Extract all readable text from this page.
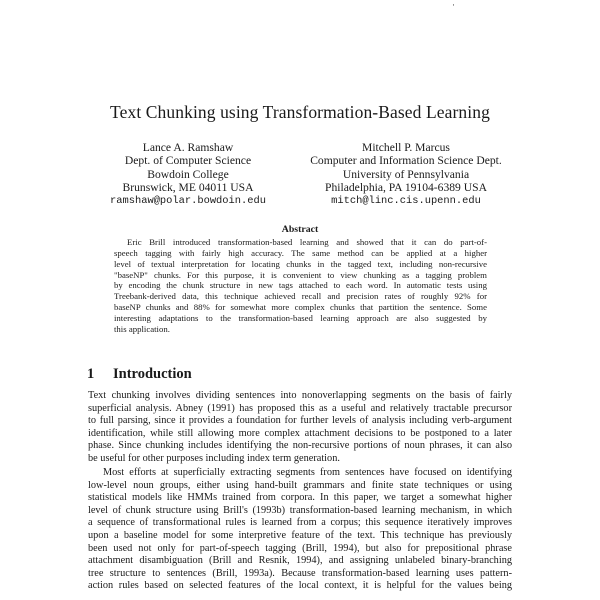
·
Text Chunking using Transformation-Based Learning
Lance A. Ramshaw
Dept. of Computer Science
Bowdoin College
Brunswick, ME 04011 USA
ramshaw@polar.bowdoin.edu
Mitchell P. Marcus
Computer and Information Science Dept.
University of Pennsylvania
Philadelphia, PA 19104-6389 USA
mitch@linc.cis.upenn.edu
Abstract
Eric Brill introduced transformation-based learning and showed that it can do part-of-
speech tagging with fairly high accuracy. The same method can be applied at a higher
level of textual interpretation for locating chunks in the tagged text, including non-recursive
"baseNP" chunks. For this purpose, it is convenient to view chunking as a tagging problem
by encoding the chunk structure in new tags attached to each word. In automatic tests using
Treebank-derived data, this technique achieved recall and precision rates of roughly 92% for
baseNP chunks and 88% for somewhat more complex chunks that partition the sentence. Some
interesting adaptations to the transformation-based learning approach are also suggested by
this application.
1 Introduction
Text chunking involves dividing sentences into nonoverlapping segments on the basis of fairly
superficial analysis. Abney (1991) has proposed this as a useful and relatively tractable precursor
to full parsing, since it provides a foundation for further levels of analysis including verb-argument
identification, while still allowing more complex attachment decisions to be postponed to a later
phase. Since chunking includes identifying the non-recursive portions of noun phrases, it can also
be useful for other purposes including index term generation.
Most efforts at superficially extracting segments from sentences have focused on identifying
low-level noun groups, either using hand-built grammars and finite state techniques or using
statistical models like HMMs trained from corpora. In this paper, we target a somewhat higher
level of chunk structure using Brill's (1993b) transformation-based learning mechanism, in which
a sequence of transformational rules is learned from a corpus; this sequence iteratively improves
upon a baseline model for some interpretive feature of the text. This technique has previously
been used not only for part-of-speech tagging (Brill, 1994), but also for prepositional phrase
attachment disambiguation (Brill and Resnik, 1994), and assigning unlabeled binary-branching
tree structure to sentences (Brill, 1993a). Because transformation-based learning uses pattern-
action rules based on selected features of the local context, it is helpful for the values being
